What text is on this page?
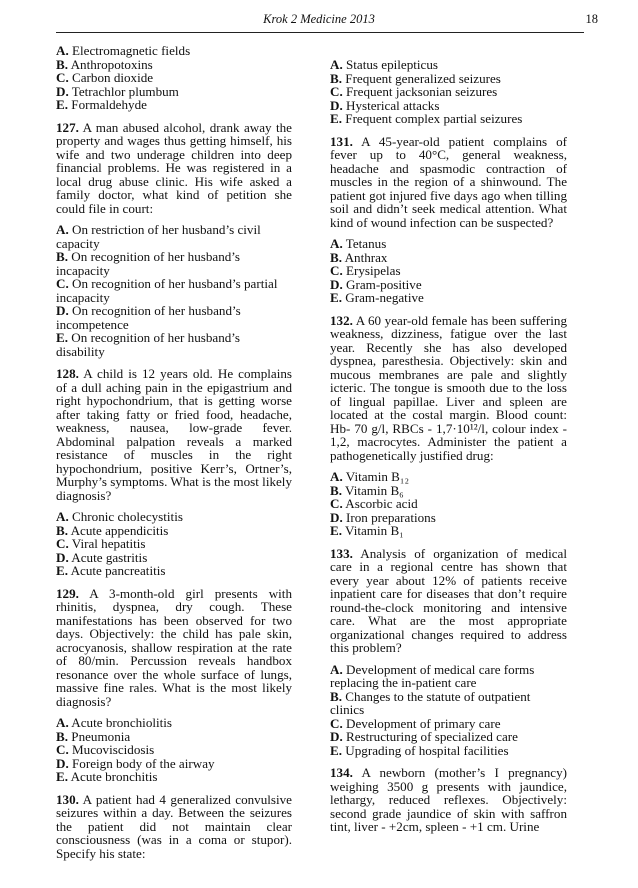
Krok 2 Medicine 2013	18
A. Electromagnetic fields
B. Anthropotoxins
C. Carbon dioxide
D. Tetrachlor plumbum
E. Formaldehyde
127. A man abused alcohol, drank away the property and wages thus getting himself, his wife and two underage children into deep financial problems. He was registered in a local drug abuse clinic. His wife asked a family doctor, what kind of petition she could file in court:
A. On restriction of her husband’s civil capacity
B. On recognition of her husband’s incapacity
C. On recognition of her husband’s partial incapacity
D. On recognition of her husband’s incompetence
E. On recognition of her husband’s disability
128. A child is 12 years old. He complains of a dull aching pain in the epigastrium and right hypochondrium, that is getting worse after taking fatty or fried food, headache, weakness, nausea, low-grade fever. Abdominal palpation reveals a marked resistance of muscles in the right hypochondrium, positive Kerr’s, Ortner’s, Murphy’s symptoms. What is the most likely diagnosis?
A. Chronic cholecystitis
B. Acute appendicitis
C. Viral hepatitis
D. Acute gastritis
E. Acute pancreatitis
129. A 3-month-old girl presents with rhinitis, dyspnea, dry cough. These manifestations has been observed for two days. Objectively: the child has pale skin, acrocyanosis, shallow respiration at the rate of 80/min. Percussion reveals handbox resonance over the whole surface of lungs, massive fine rales. What is the most likely diagnosis?
A. Acute bronchiolitis
B. Pneumonia
C. Mucoviscidosis
D. Foreign body of the airway
E. Acute bronchitis
130. A patient had 4 generalized convulsive seizures within a day. Between the seizures the patient did not maintain clear consciousness (was in a coma or stupor). Specify his state:
A. Status epilepticus
B. Frequent generalized seizures
C. Frequent jacksonian seizures
D. Hysterical attacks
E. Frequent complex partial seizures
131. A 45-year-old patient complains of fever up to 40°C, general weakness, headache and spasmodic contraction of muscles in the region of a shinwound. The patient got injured five days ago when tilling soil and didn’t seek medical attention. What kind of wound infection can be suspected?
A. Tetanus
B. Anthrax
C. Erysipelas
D. Gram-positive
E. Gram-negative
132. A 60 year-old female has been suffering weakness, dizziness, fatigue over the last year. Recently she has also developed dyspnea, paresthesia. Objectively: skin and mucous membranes are pale and slightly icteric. The tongue is smooth due to the loss of lingual papillae. Liver and spleen are located at the costal margin. Blood count: Hb- 70 g/l, RBCs - 1,7·10¹²/l, colour index - 1,2, macrocytes. Administer the patient a pathogenetically justified drug:
A. Vitamin B₁₂
B. Vitamin B₆
C. Ascorbic acid
D. Iron preparations
E. Vitamin B₁
133. Analysis of organization of medical care in a regional centre has shown that every year about 12% of patients receive inpatient care for diseases that don’t require round-the-clock monitoring and intensive care. What are the most appropriate organizational changes required to address this problem?
A. Development of medical care forms replacing the in-patient care
B. Changes to the statute of outpatient clinics
C. Development of primary care
D. Restructuring of specialized care
E. Upgrading of hospital facilities
134. A newborn (mother’s I pregnancy) weighing 3500 g presents with jaundice, lethargy, reduced reflexes. Objectively: second grade jaundice of skin with saffron tint, liver - +2cm, spleen - +1 cm. Urine
